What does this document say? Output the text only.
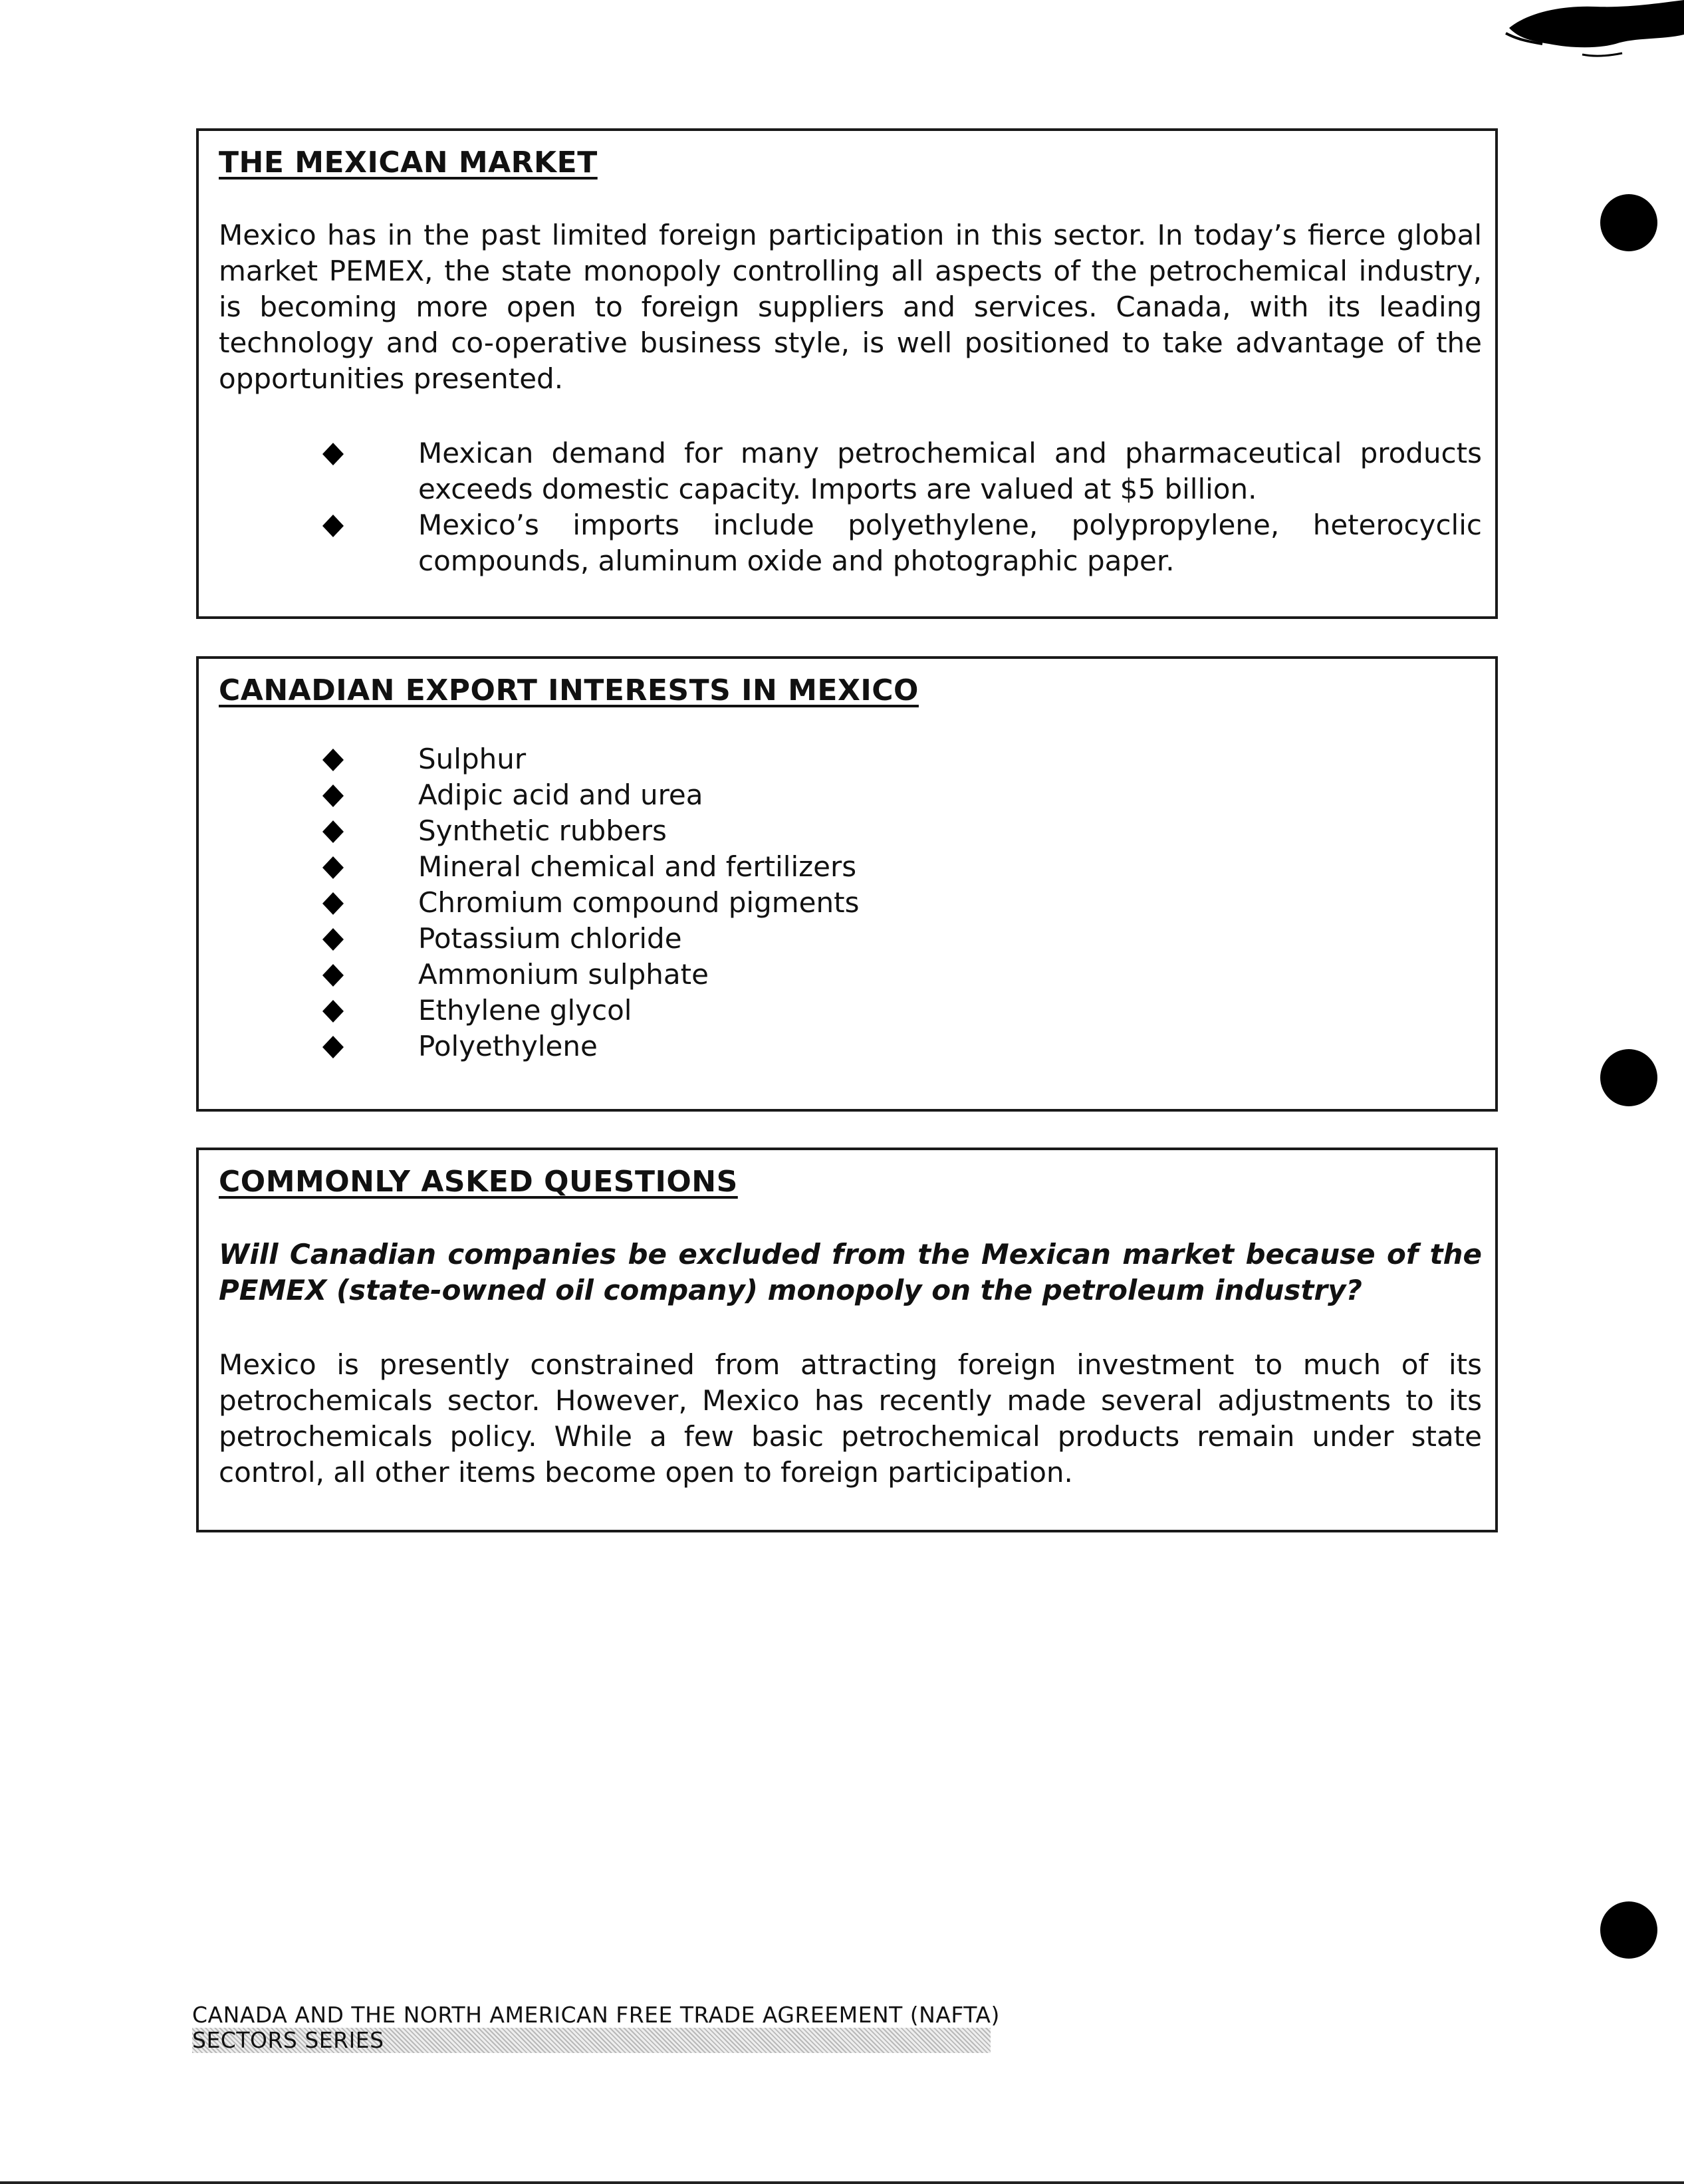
THE MEXICAN MARKET

Mexico has in the past limited foreign participation in this sector. In today’s fierce global market PEMEX, the state monopoly controlling all aspects of the petrochemical industry, is becoming more open to foreign suppliers and services. Canada, with its leading technology and co-operative business style, is well positioned to take advantage of the opportunities presented.

Mexican demand for many petrochemical and pharmaceutical products exceeds domestic capacity. Imports are valued at $5 billion.
Mexico’s imports include polyethylene, polypropylene, heterocyclic compounds, aluminum oxide and photographic paper.
CANADIAN EXPORT INTERESTS IN MEXICO
Sulphur
Adipic acid and urea
Synthetic rubbers
Mineral chemical and fertilizers
Chromium compound pigments
Potassium chloride
Ammonium sulphate
Ethylene glycol
Polyethylene
COMMONLY ASKED QUESTIONS

Will Canadian companies be excluded from the Mexican market because of the PEMEX (state-owned oil company) monopoly on the petroleum industry?

Mexico is presently constrained from attracting foreign investment to much of its petrochemicals sector. However, Mexico has recently made several adjustments to its petrochemicals policy. While a few basic petrochemical products remain under state control, all other items become open to foreign participation.

CANADA AND THE NORTH AMERICAN FREE TRADE AGREEMENT (NAFTA)
SECTORS SERIES
